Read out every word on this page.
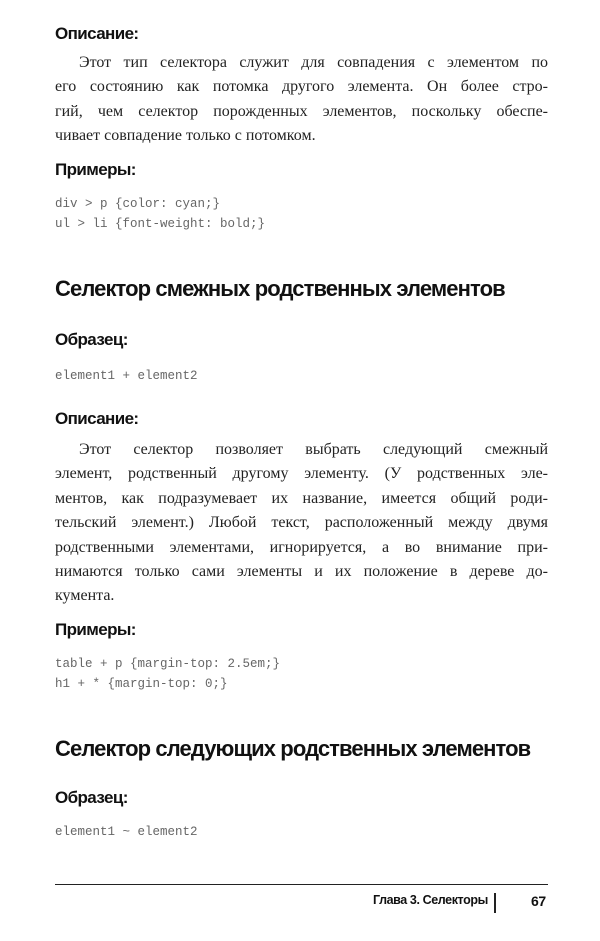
Описание:
Этот тип селектора служит для совпадения с элементом по
его состоянию как потомка другого элемента. Он более стро-
гий, чем селектор порожденных элементов, поскольку обеспе-
чивает совпадение только с потомком.
Примеры:
div > p {color: cyan;}
ul > li {font-weight: bold;}
Селектор смежных родственных элементов
Образец:
element1 + element2
Описание:
Этот селектор позволяет выбрать следующий смежный
элемент, родственный другому элементу. (У родственных эле-
ментов, как подразумевает их название, имеется общий роди-
тельский элемент.) Любой текст, расположенный между двумя
родственными элементами, игнорируется, а во внимание при-
нимаются только сами элементы и их положение в дереве до-
кумента.
Примеры:
table + p {margin-top: 2.5em;}
h1 + * {margin-top: 0;}
Селектор следующих родственных элементов
Образец:
element1 ~ element2
Глава 3. Селекторы	67
